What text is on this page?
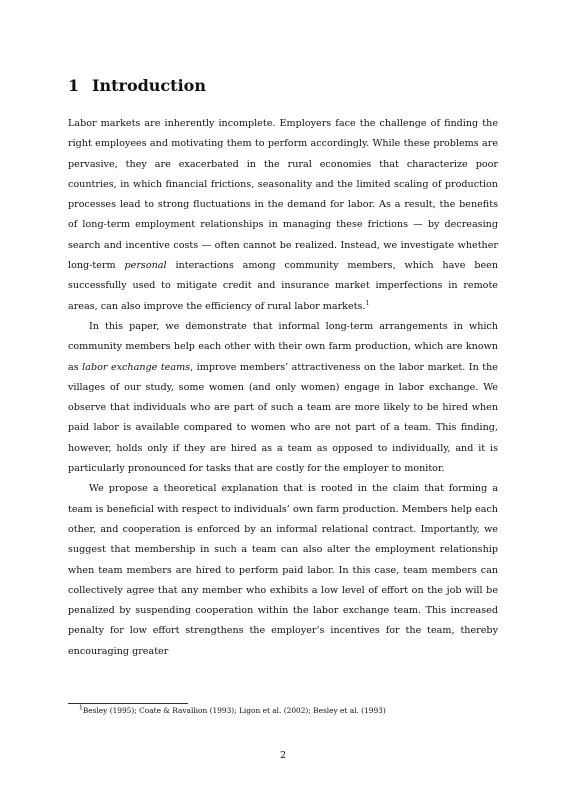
1 Introduction

Labor markets are inherently incomplete. Employers face the challenge of finding the right employees and motivating them to perform accordingly. While these problems are pervasive, they are exacerbated in the rural economies that characterize poor countries, in which financial frictions, seasonality and the limited scaling of production processes lead to strong fluctuations in the demand for labor. As a result, the benefits of long-term employment relationships in managing these frictions — by decreasing search and incentive costs — often cannot be realized. Instead, we investigate whether long-term personal interactions among community members, which have been successfully used to mitigate credit and insurance market imperfections in remote areas, can also improve the efficiency of rural labor markets.$^1$

In this paper, we demonstrate that informal long-term arrangements in which community members help each other with their own farm production, which are known as labor exchange teams, improve members’ attractiveness on the labor market. In the villages of our study, some women (and only women) engage in labor exchange. We observe that individuals who are part of such a team are more likely to be hired when paid labor is available compared to women who are not part of a team. This finding, however, holds only if they are hired as a team as opposed to individually, and it is particularly pronounced for tasks that are costly for the employer to monitor.

We propose a theoretical explanation that is rooted in the claim that forming a team is beneficial with respect to individuals’ own farm production. Members help each other, and cooperation is enforced by an informal relational contract. Importantly, we suggest that membership in such a team can also alter the employment relationship when team members are hired to perform paid labor. In this case, team members can collectively agree that any member who exhibits a low level of effort on the job will be penalized by suspending cooperation within the labor exchange team. This increased penalty for low effort strengthens the employer’s incentives for the team, thereby encouraging greater

$^1$Besley (1995); Coate & Ravallion (1993); Ligon et al. (2002); Besley et al. (1993)
2
